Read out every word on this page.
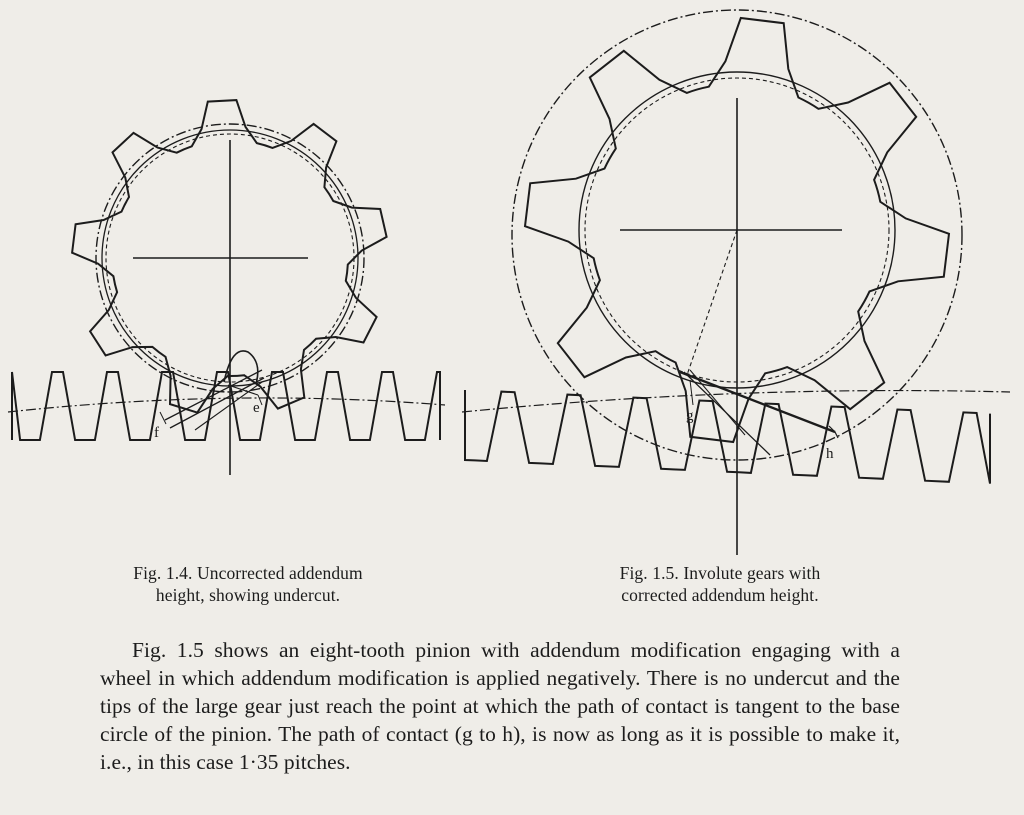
e
f
g
h
Fig. 1.4. Uncorrected addendum
height, showing undercut.
Fig. 1.5. Involute gears with
corrected addendum height.

Fig. 1.5 shows an eight-tooth pinion with addendum modification engaging with a wheel in which addendum modification is applied negatively. There is no undercut and the tips of the large gear just reach the point at which the path of contact is tangent to the base circle of the pinion. The path of contact (g to h), is now as long as it is possible to make it, i.e., in this case 1·35 pitches.
